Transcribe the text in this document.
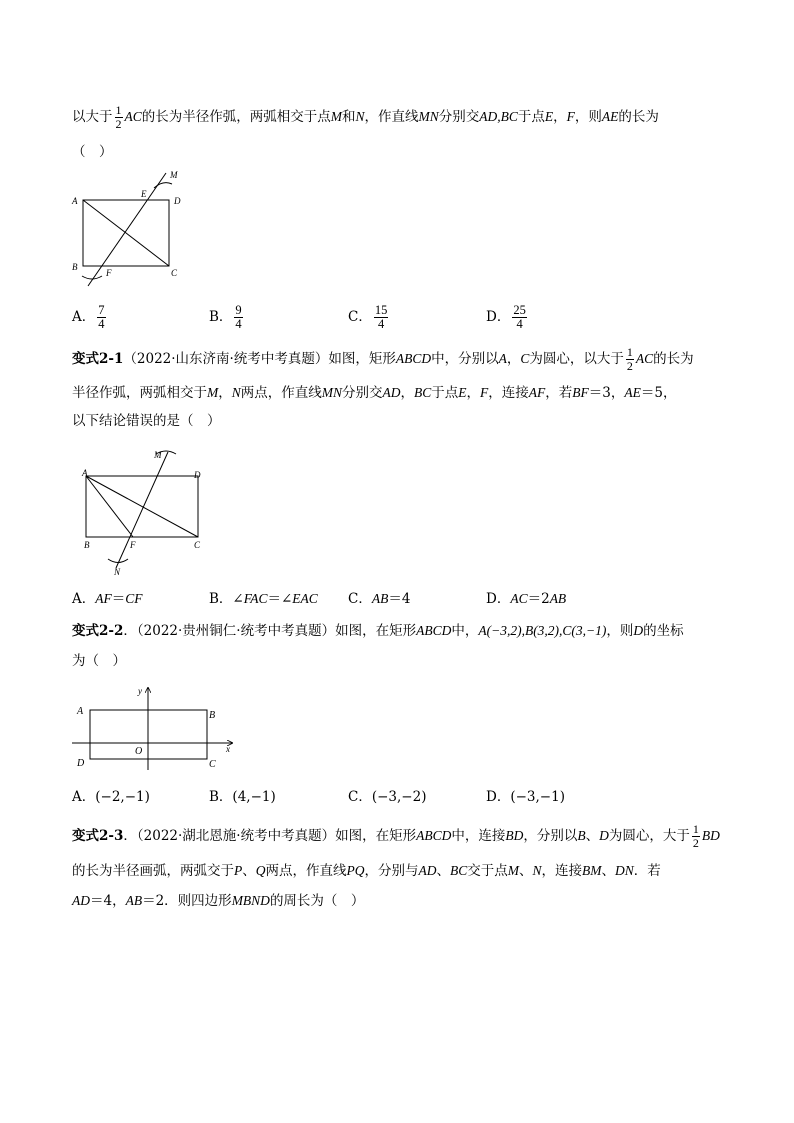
以大于 $\frac{1}{2}$ AC的长为半径作弧，两弧相交于点M和N，作直线MN分别交AD,BC于点E，F，则AE的长为
（　）
A	D
B
C
E
F
M
A． $\frac{7}{4}$	B． $\frac{9}{4}$	C． $\frac{15}{4}$	D． $\frac{25}{4}$
变式2-1（2022·山东济南·统考中考真题）如图，矩形ABCD中，分别以A，C为圆心，以大于 $\frac{1}{2}$ AC的长为
半径作弧，两弧相交于M，N两点，作直线MN分别交AD，BC于点E，F，连接AF，若BF＝3，AE＝5，
以下结论错误的是（　）
A	D
B	C
F
M
N
A．AF＝CF	B．∠FAC＝∠EAC C．AB＝4	D．AC＝2AB
变式2-2．（2022·贵州铜仁·统考中考真题）如图，在矩形ABCD中，A(−3,2),B(3,2),C(3,−1)，则D的坐标
为（　）
A	B
C
D
O	x
y
A．(−2,−1)	B．(4,−1)	C．(−3,−2)	D．(−3,−1)
变式2-3．（2022·湖北恩施·统考中考真题）如图，在矩形ABCD中，连接BD，分别以B、D为圆心，大于 $\frac{1}{2}$ BD
的长为半径画弧，两弧交于P、Q两点，作直线PQ，分别与AD、BC交于点M、N，连接BM、DN．若
AD＝4，AB＝2．则四边形MBND的周长为（　）
